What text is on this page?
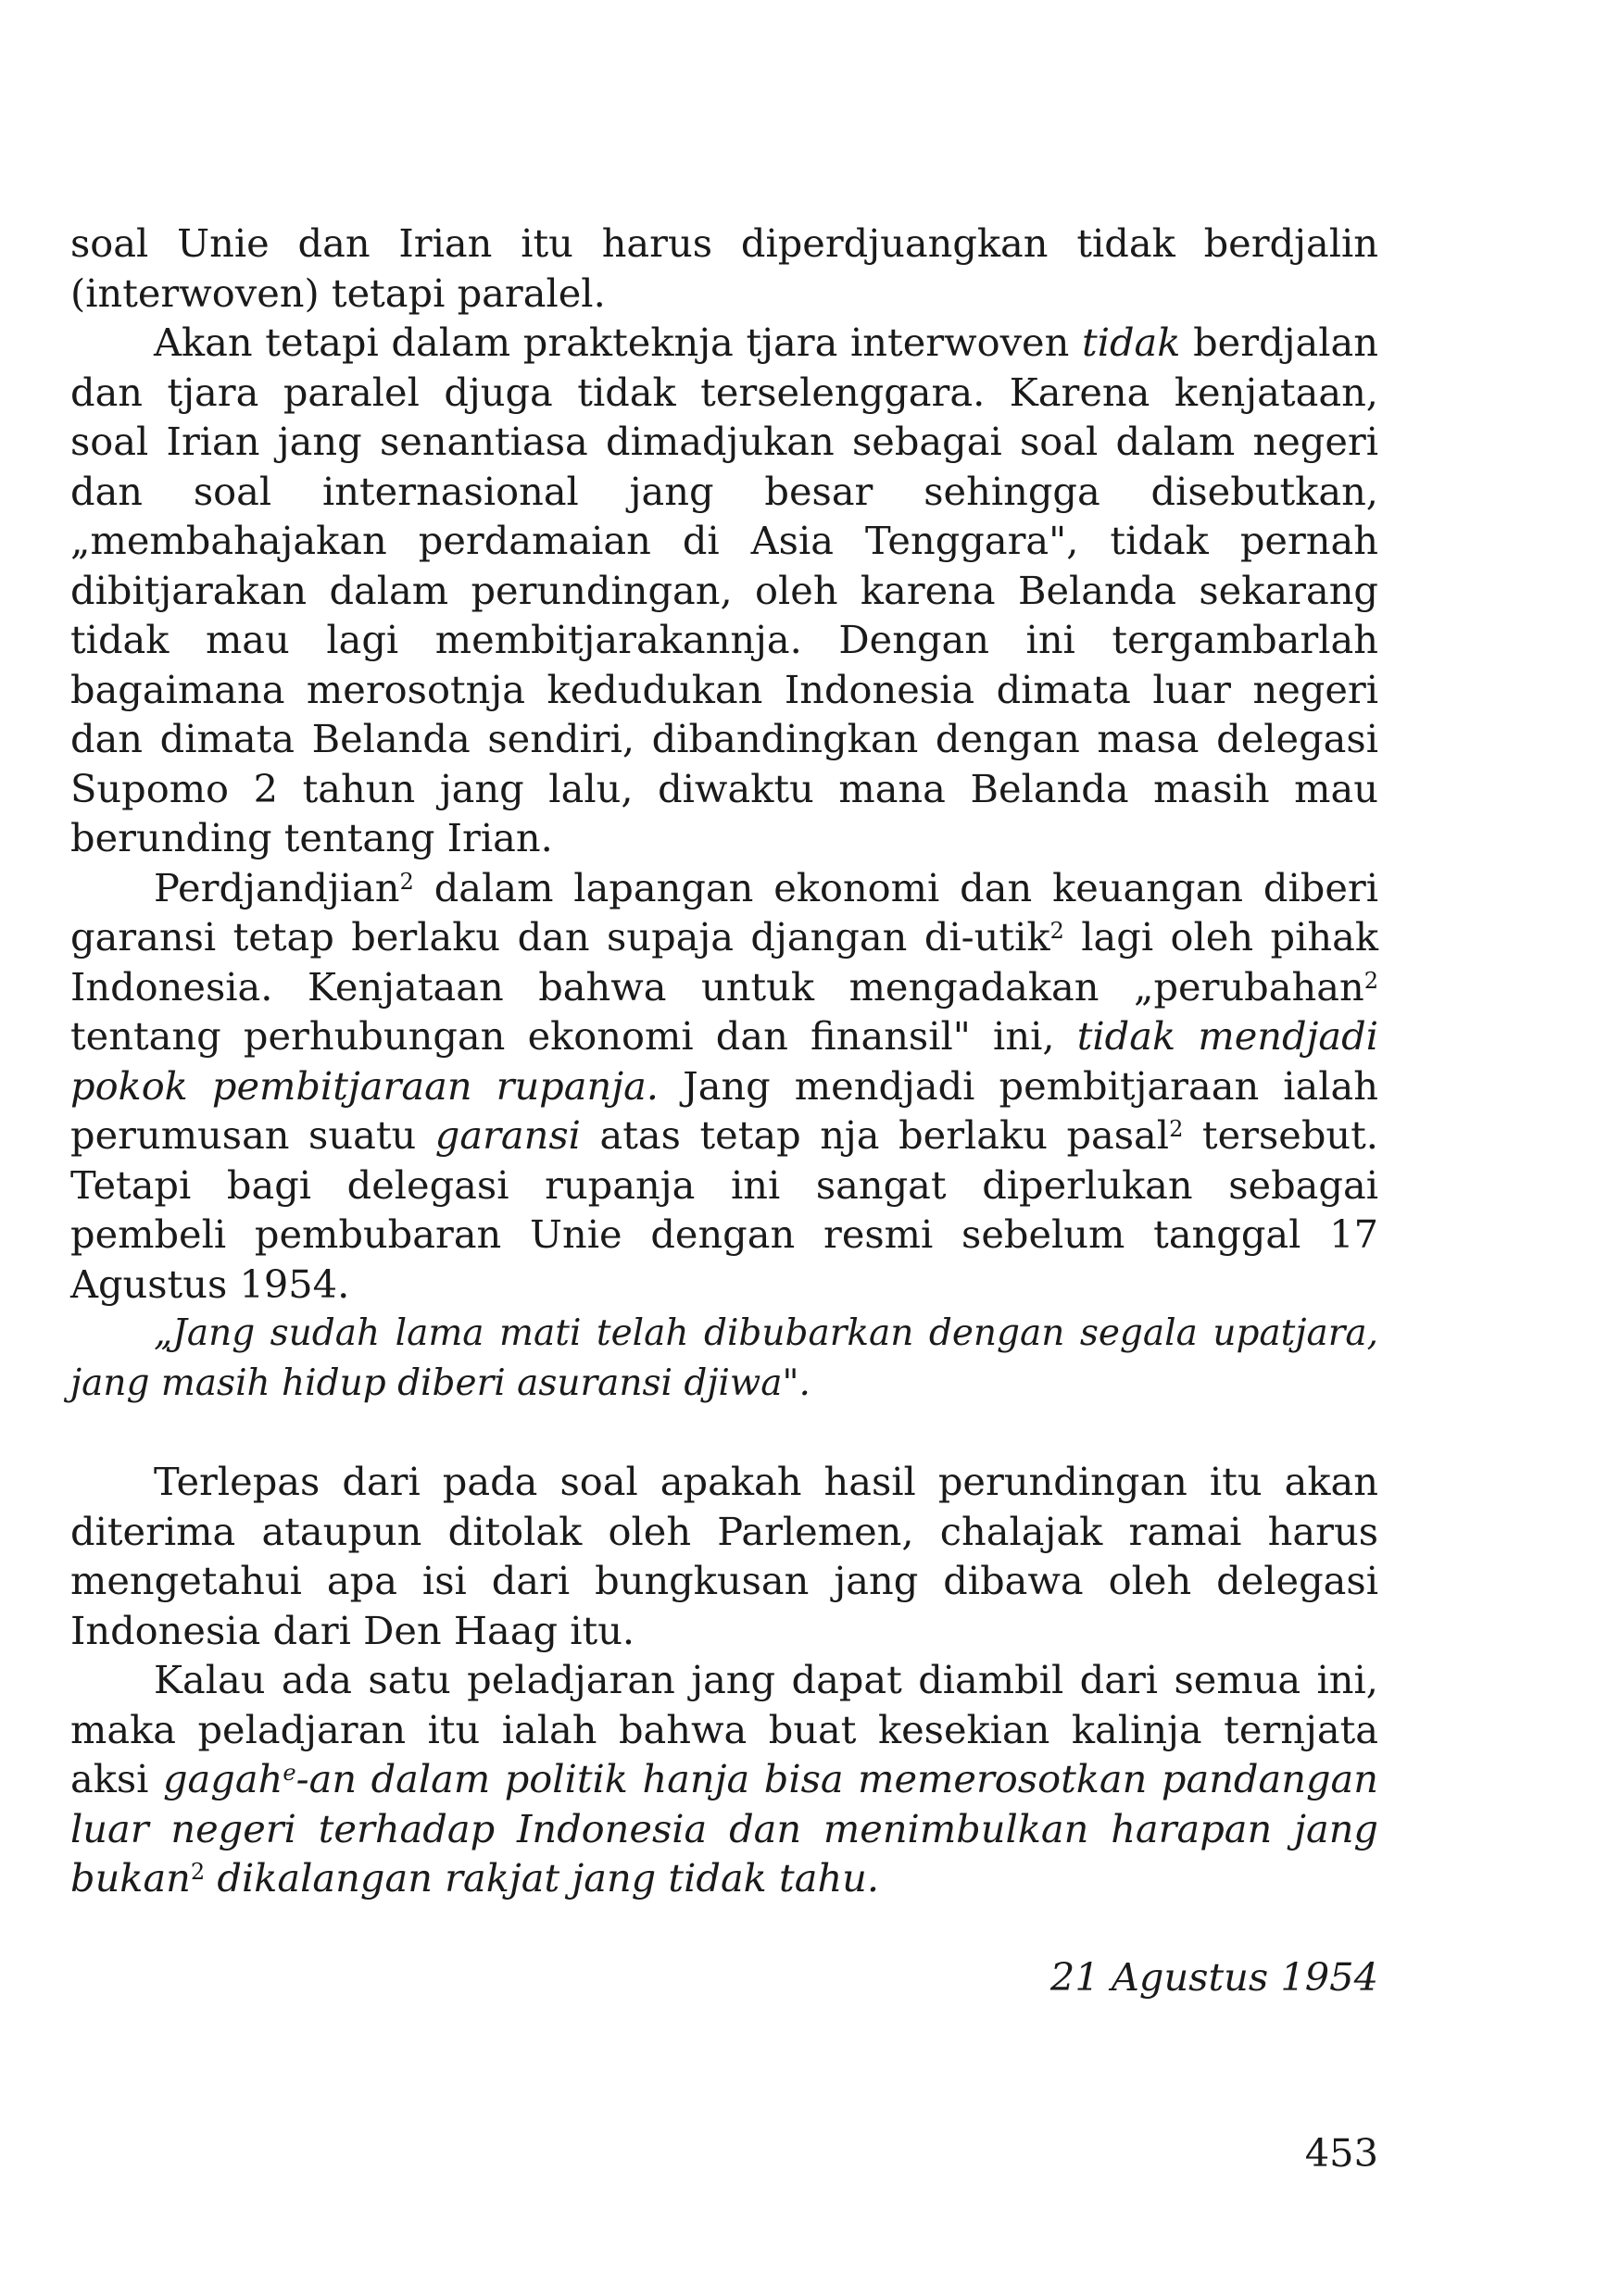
soal Unie dan Irian itu harus diperdjuangkan tidak berdjalin (interwoven) tetapi paralel.

Akan tetapi dalam prakteknja tjara interwoven tidak berdjalan dan tjara paralel djuga tidak terselenggara. Karena kenjataan, soal Irian jang senantiasa dimadjukan sebagai soal dalam negeri dan soal internasional jang besar sehingga disebutkan, „membahajakan perdamaian di Asia Tenggara", tidak pernah dibitjarakan dalam perundingan, oleh karena Belanda sekarang tidak mau lagi membitjarakannja. Dengan ini tergambarlah bagaimana merosotnja kedudukan Indonesia dimata luar negeri dan dimata Belanda sendiri, dibandingkan dengan masa delegasi Supomo 2 tahun jang lalu, diwaktu mana Belanda masih mau berunding tentang Irian.

Perdjandjian$^2$ dalam lapangan ekonomi dan keuangan diberi garansi tetap berlaku dan supaja djangan di-utik$^2$ lagi oleh pihak Indonesia. Kenjataan bahwa untuk mengadakan „perubahan$^2$ tentang perhubungan ekonomi dan finansil" ini, tidak mendjadi pokok pembitjaraan rupanja. Jang mendjadi pembitjaraan ialah perumusan suatu garansi atas tetap nja berlaku pasal$^2$ tersebut. Tetapi bagi delegasi rupanja ini sangat diperlukan sebagai pembeli pembubaran Unie dengan resmi sebelum tanggal 17 Agustus 1954.

„Jang sudah lama mati telah dibubarkan dengan segala upatjara, jang masih hidup diberi asuransi djiwa".

Terlepas dari pada soal apakah hasil perundingan itu akan diterima ataupun ditolak oleh Parlemen, chalajak ramai harus mengetahui apa isi dari bungkusan jang dibawa oleh delegasi Indonesia dari Den Haag itu.

Kalau ada satu peladjaran jang dapat diambil dari semua ini, maka peladjaran itu ialah bahwa buat kesekian kalinja ternjata aksi gagah$^e$-an dalam politik hanja bisa memerosotkan pandangan luar negeri terhadap Indonesia dan menimbulkan harapan jang bukan$^2$ dikalangan rakjat jang tidak tahu.

21 Agustus 1954

453
